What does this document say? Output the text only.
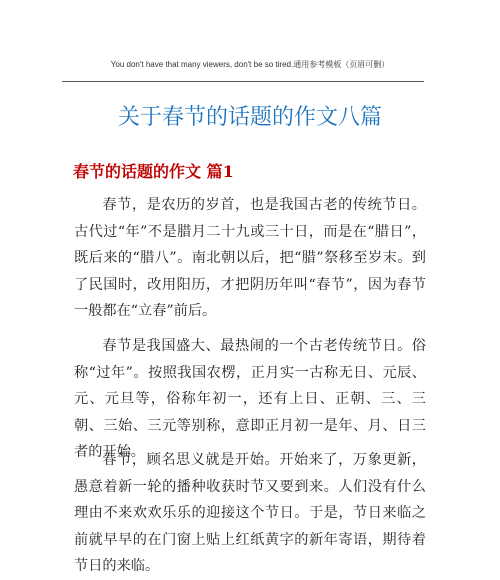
You don't have that many viewers, don't be so tired.通用参考模板（页眉可删）
关于春节的话题的作文八篇
春节的话题的作文 篇1

春节，是农历的岁首，也是我国古老的传统节日。古代过“年”不是腊月二十九或三十日，而是在“腊日”，既后来的“腊八”。南北朝以后，把“腊”祭移至岁末。到了民国时，改用阳历，才把阴历年叫“春节”，因为春节一般都在“立春”前后。

春节是我国盛大、最热闹的一个古老传统节日。俗称“过年”。按照我国农楞，正月实一古称无日、元辰、元、元旦等，俗称年初一，还有上日、正朝、三、三朝、三始、三元等别称，意即正月初一是年、月、日三者的开始。

春节，顾名思义就是开始。开始来了，万象更新，愚意着新一轮的播种收获时节又要到来。人们没有什么理由不来欢欢乐乐的迎接这个节日。于是，节日来临之前就早早的在门窗上贴上红纸黄字的新年寄语，期待着节日的来临。
